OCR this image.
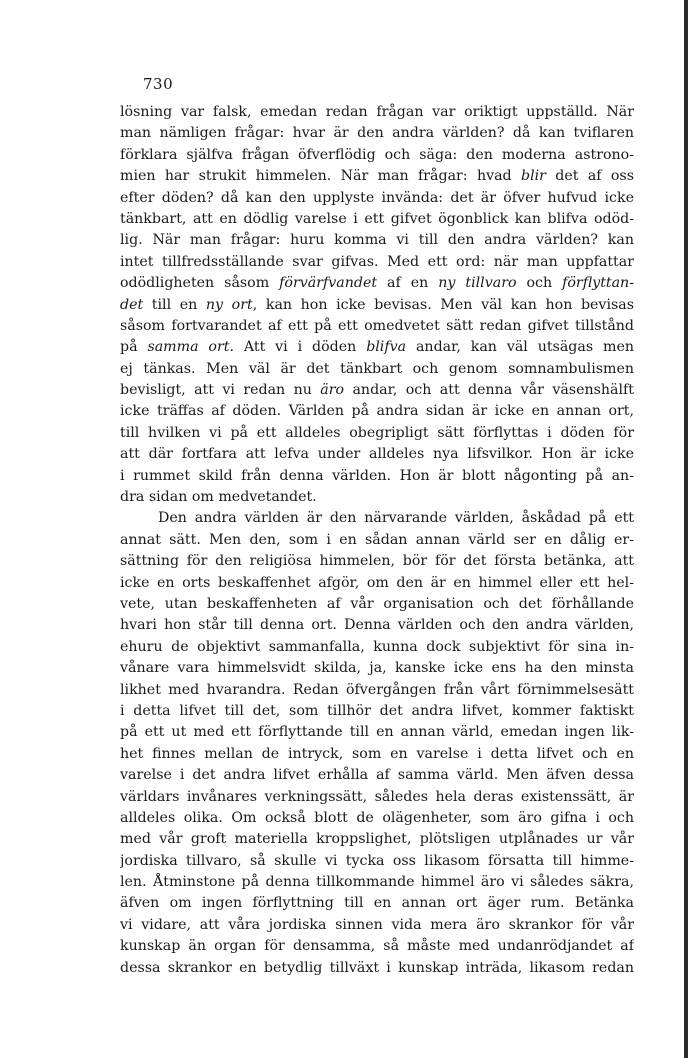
730
lösning var falsk, emedan redan frågan var oriktigt uppställd. När
man nämligen frågar: hvar är den andra världen? då kan tviflaren
förklara själfva frågan öfverflödig och säga: den moderna astrono-
mien har strukit himmelen. När man frågar: hvad blir det af oss
efter döden? då kan den upplyste invända: det är öfver hufvud icke
tänkbart, att en dödlig varelse i ett gifvet ögonblick kan blifva odöd-
lig. När man frågar: huru komma vi till den andra världen? kan
intet tillfredsställande svar gifvas. Med ett ord: när man uppfattar
odödligheten såsom förvärfvandet af en ny tillvaro och förflyttan-
det till en ny ort, kan hon icke bevisas. Men väl kan hon bevisas
såsom fortvarandet af ett på ett omedvetet sätt redan gifvet tillstånd
på samma ort. Att vi i döden blifva andar, kan väl utsägas men
ej tänkas. Men väl är det tänkbart och genom somnambulismen
bevisligt, att vi redan nu äro andar, och att denna vår väsenshälft
icke träffas af döden. Världen på andra sidan är icke en annan ort,
till hvilken vi på ett alldeles obegripligt sätt förflyttas i döden för
att där fortfara att lefva under alldeles nya lifsvilkor. Hon är icke
i rummet skild från denna världen. Hon är blott någonting på an-
dra sidan om medvetandet.
Den andra världen är den närvarande världen, åskådad på ett
annat sätt. Men den, som i en sådan annan värld ser en dålig er-
sättning för den religiösa himmelen, bör för det första betänka, att
icke en orts beskaffenhet afgör, om den är en himmel eller ett hel-
vete, utan beskaffenheten af vår organisation och det förhållande
hvari hon står till denna ort. Denna världen och den andra världen,
ehuru de objektivt sammanfalla, kunna dock subjektivt för sina in-
vånare vara himmelsvidt skilda, ja, kanske icke ens ha den minsta
likhet med hvarandra. Redan öfvergången från vårt förnimmelsesätt
i detta lifvet till det, som tillhör det andra lifvet, kommer faktiskt
på ett ut med ett förflyttande till en annan värld, emedan ingen lik-
het finnes mellan de intryck, som en varelse i detta lifvet och en
varelse i det andra lifvet erhålla af samma värld. Men äfven dessa
världars invånares verkningssätt, således hela deras existenssätt, är
alldeles olika. Om också blott de olägenheter, som äro gifna i och
med vår groft materiella kroppslighet, plötsligen utplånades ur vår
jordiska tillvaro, så skulle vi tycka oss likasom försatta till himme-
len. Åtminstone på denna tillkommande himmel äro vi således säkra,
äfven om ingen förflyttning till en annan ort äger rum. Betänka
vi vidare, att våra jordiska sinnen vida mera äro skrankor för vår
kunskap än organ för densamma, så måste med undanrödjandet af
dessa skrankor en betydlig tillväxt i kunskap inträda, likasom redan
